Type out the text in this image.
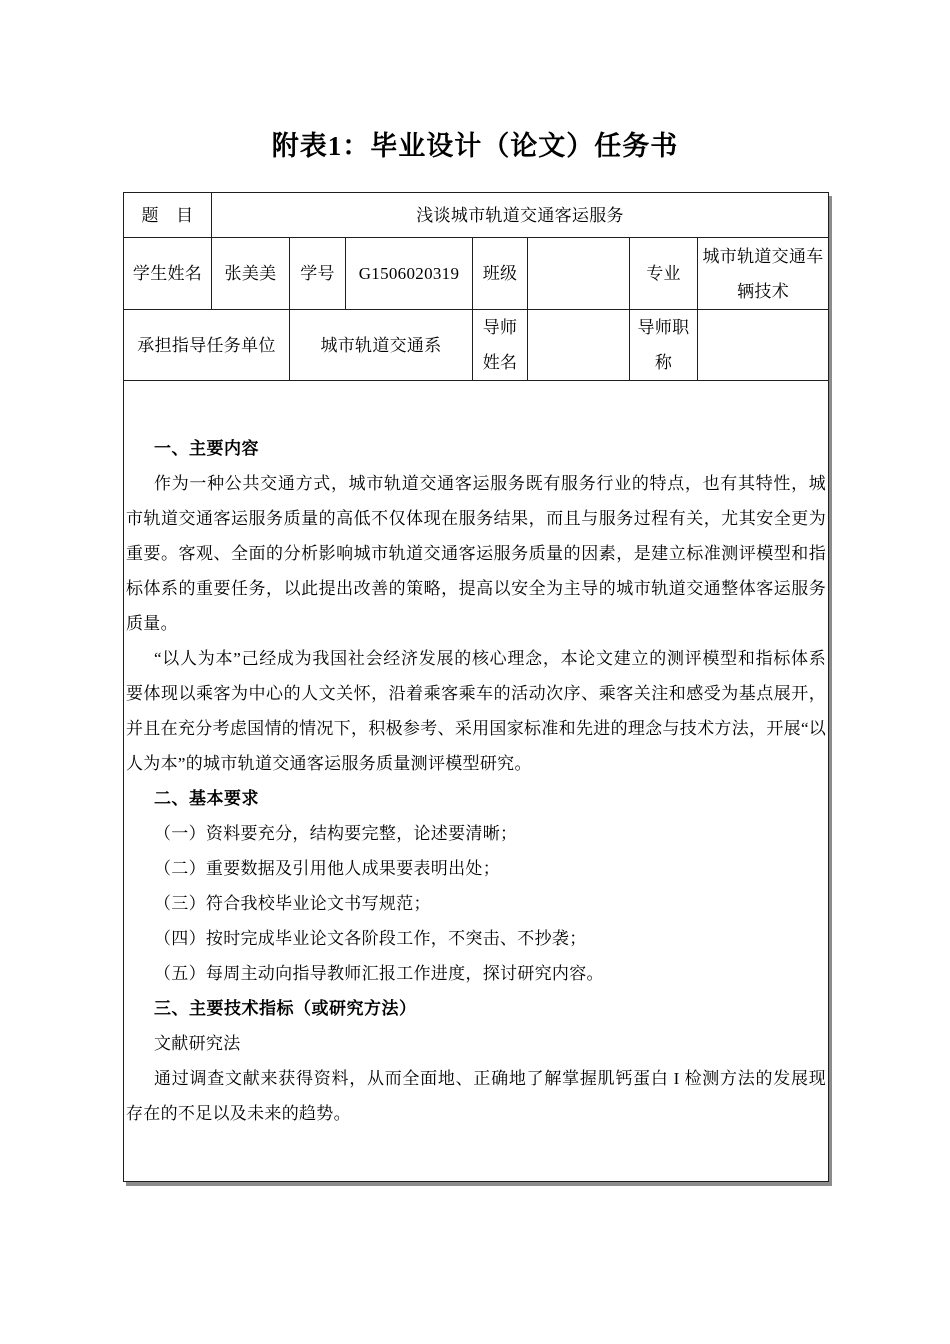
附表1：毕业设计（论文）任务书
题　目	浅谈城市轨道交通客运服务						
学生姓名	张美美	学号	G1506020319	班级		专业	城市轨道交通车辆技术
承担指导任务单位		城市轨道交通系		导师姓名		导师职称	

一、主要内容

作为一种公共交通方式，城市轨道交通客运服务既有服务行业的特点，也有其特性，城市轨道交通客运服务质量的高低不仅体现在服务结果，而且与服务过程有关，尤其安全更为重要。客观、全面的分析影响城市轨道交通客运服务质量的因素，是建立标准测评模型和指标体系的重要任务，以此提出改善的策略，提高以安全为主导的城市轨道交通整体客运服务质量。

“以人为本”己经成为我国社会经济发展的核心理念，本论文建立的测评模型和指标体系要体现以乘客为中心的人文关怀，沿着乘客乘车的活动次序、乘客关注和感受为基点展开，并且在充分考虑国情的情况下，积极参考、采用国家标准和先进的理念与技术方法，开展“以人为本”的城市轨道交通客运服务质量测评模型研究。

二、基本要求

（一）资料要充分，结构要完整，论述要清晰；

（二）重要数据及引用他人成果要表明出处；

（三）符合我校毕业论文书写规范；

（四）按时完成毕业论文各阶段工作，不突击、不抄袭；

（五）每周主动向指导教师汇报工作进度，探讨研究内容。

三、主要技术指标（或研究方法）

文献研究法

通过调查文献来获得资料，从而全面地、正确地了解掌握肌钙蛋白 I 检测方法的发展现存在的不足以及未来的趋势。
